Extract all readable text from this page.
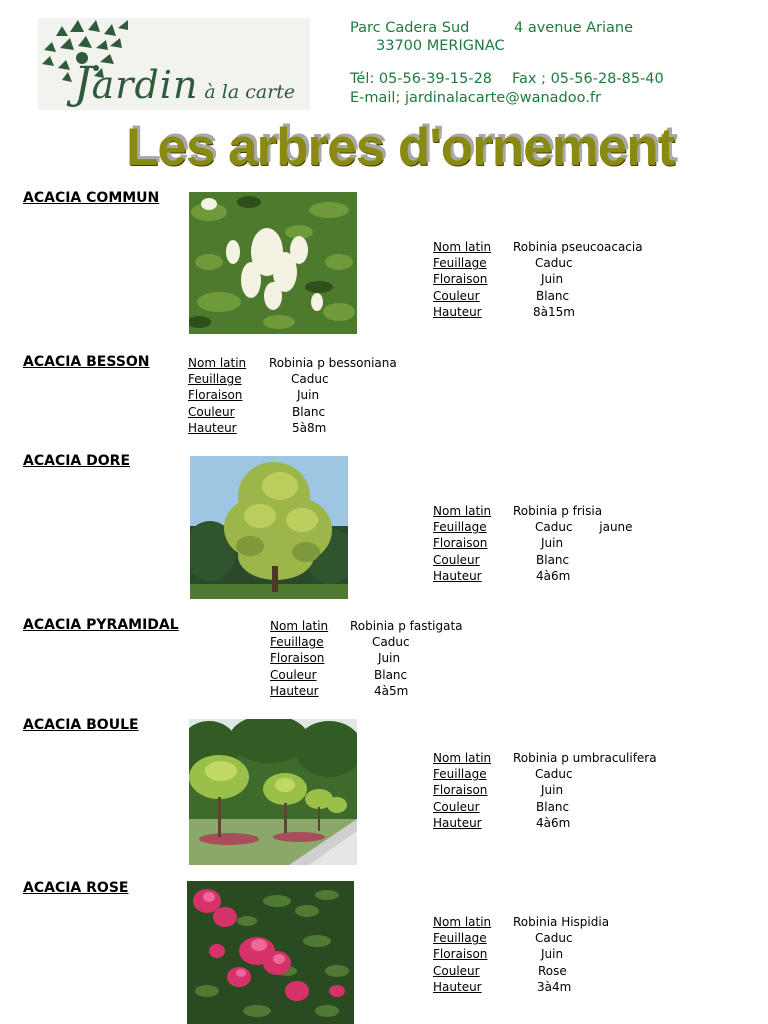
Jardin à la carte
Parc Cadera Sud	4 avenue Ariane
33700 MERIGNAC
Tél: 05-56-39-15-28 Fax ; 05-56-28-85-40
E-mail; jardinalacarte@wanadoo.fr
Les arbres d'ornement
ACACIA COMMUN
Nom latin Robinia pseucoacacia
Feuillage	Caduc
Floraison	Juin
Couleur	Blanc
Hauteur	8à15m
ACACIA BESSON	Nom latin Robinia p bessoniana
Feuillage	Caduc
Floraison	Juin
Couleur	Blanc
Hauteur	5à8m
ACACIA DORE
Nom latin Robinia p frisia
Feuillage	Caduc       jaune
Floraison	Juin
Couleur	Blanc
Hauteur	4à6m
ACACIA PYRAMIDAL	Nom latin Robinia p fastigata
Feuillage	Caduc
Floraison	Juin
Couleur	Blanc
Hauteur	4à5m
ACACIA BOULE
Nom latin Robinia p umbraculifera
Feuillage	Caduc
Floraison	Juin
Couleur	Blanc
Hauteur	4à6m
ACACIA ROSE
Nom latin Robinia Hispidia
Feuillage	Caduc
Floraison	Juin
Couleur	Rose
Hauteur	3à4m
